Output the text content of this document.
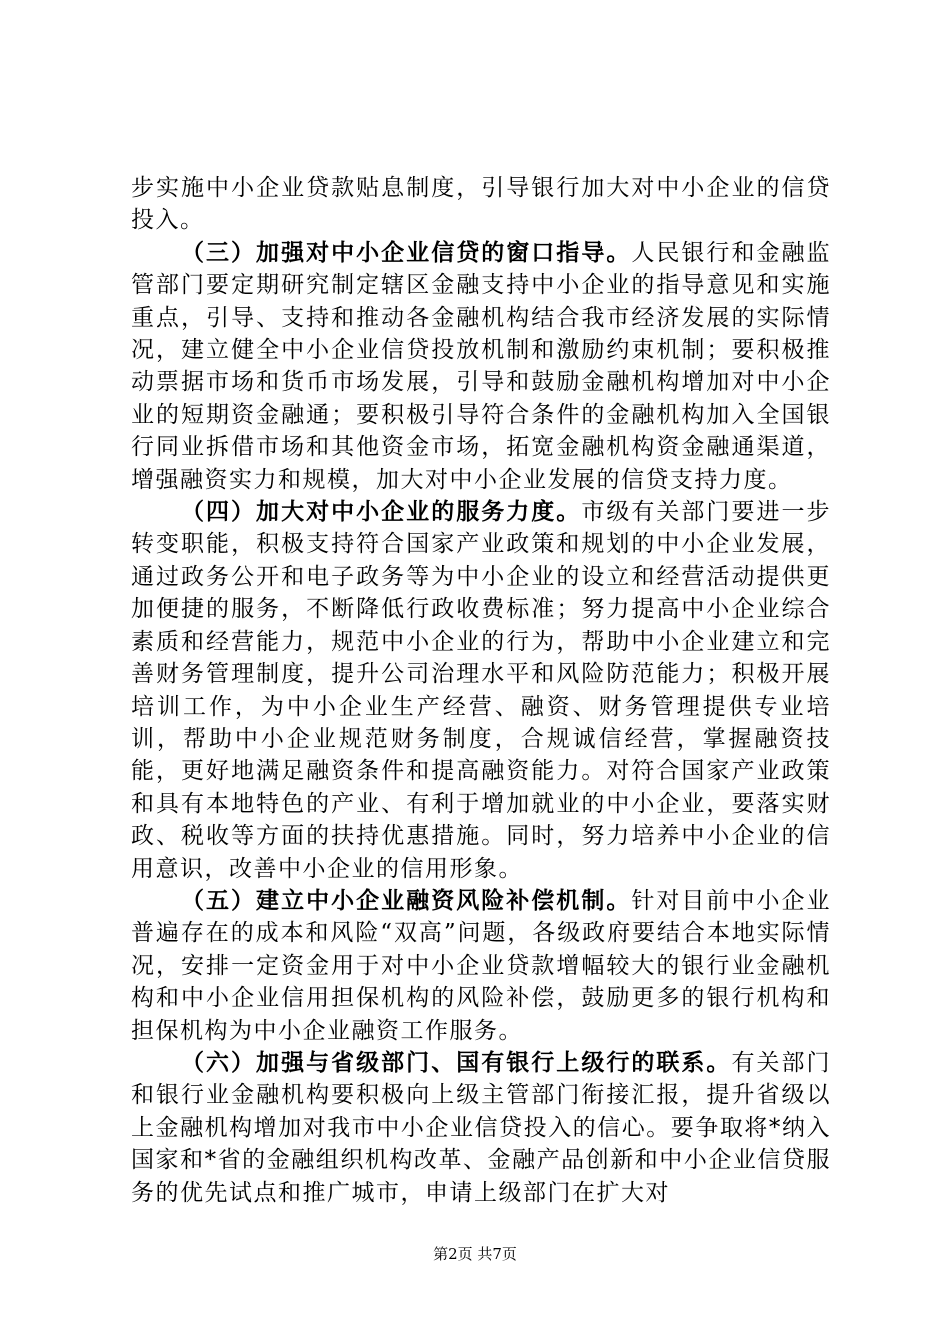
步实施中小企业贷款贴息制度，引导银行加大对中小企业的信贷投入。

（三）加强对中小企业信贷的窗口指导。人民银行和金融监管部门要定期研究制定辖区金融支持中小企业的指导意见和实施重点，引导、支持和推动各金融机构结合我市经济发展的实际情况，建立健全中小企业信贷投放机制和激励约束机制；要积极推动票据市场和货币市场发展，引导和鼓励金融机构增加对中小企业的短期资金融通；要积极引导符合条件的金融机构加入全国银行同业拆借市场和其他资金市场，拓宽金融机构资金融通渠道，增强融资实力和规模，加大对中小企业发展的信贷支持力度。

（四）加大对中小企业的服务力度。市级有关部门要进一步转变职能，积极支持符合国家产业政策和规划的中小企业发展，通过政务公开和电子政务等为中小企业的设立和经营活动提供更加便捷的服务，不断降低行政收费标准；努力提高中小企业综合素质和经营能力，规范中小企业的行为，帮助中小企业建立和完善财务管理制度，提升公司治理水平和风险防范能力；积极开展培训工作，为中小企业生产经营、融资、财务管理提供专业培训，帮助中小企业规范财务制度，合规诚信经营，掌握融资技能，更好地满足融资条件和提高融资能力。对符合国家产业政策和具有本地特色的产业、有利于增加就业的中小企业，要落实财政、税收等方面的扶持优惠措施。同时，努力培养中小企业的信用意识，改善中小企业的信用形象。

（五）建立中小企业融资风险补偿机制。针对目前中小企业普遍存在的成本和风险“双高”问题，各级政府要结合本地实际情况，安排一定资金用于对中小企业贷款增幅较大的银行业金融机构和中小企业信用担保机构的风险补偿，鼓励更多的银行机构和担保机构为中小企业融资工作服务。

（六）加强与省级部门、国有银行上级行的联系。有关部门和银行业金融机构要积极向上级主管部门衔接汇报，提升省级以上金融机构增加对我市中小企业信贷投入的信心。要争取将*纳入国家和*省的金融组织机构改革、金融产品创新和中小企业信贷服务的优先试点和推广城市，申请上级部门在扩大对

第2页 共7页
